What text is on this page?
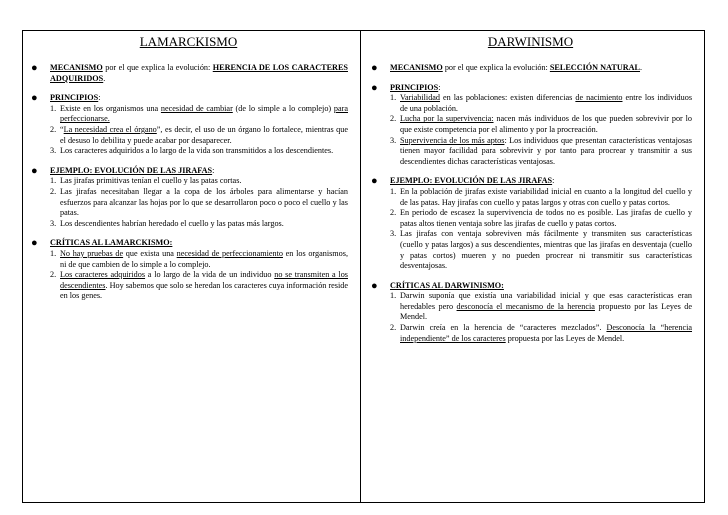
LAMARCKISMO
● MECANISMO por el que explica la evolución: HERENCIA DE LOS CARACTERES ADQUIRIDOS.
● PRINCIPIOS:
1. Existe en los organismos una necesidad de cambiar (de lo simple a lo complejo) para perfeccionarse.
2. “La necesidad crea el órgano”, es decir, el uso de un órgano lo fortalece, mientras que el desuso lo debilita y puede acabar por desaparecer.
3. Los caracteres adquiridos a lo largo de la vida son transmitidos a los descendientes.
● EJEMPLO: EVOLUCIÓN DE LAS JIRAFAS:
1. Las jirafas primitivas tenían el cuello y las patas cortas.
2. Las jirafas necesitaban llegar a la copa de los árboles para alimentarse y hacían esfuerzos para alcanzar las hojas por lo que se desarrollaron poco o poco el cuello y las patas.
3. Los descendientes habrían heredado el cuello y las patas más largos.
● CRÍTICAS AL LAMARCKISMO:
1. No hay pruebas de que exista una necesidad de perfeccionamiento en los organismos, ni de que cambien de lo simple a lo complejo.
2. Los caracteres adquiridos a lo largo de la vida de un individuo no se transmiten a los descendientes. Hoy sabemos que solo se heredan los caracteres cuya información reside en los genes.
DARWINISMO
● MECANISMO por el que explica la evolución: SELECCIÓN NATURAL.
● PRINCIPIOS:
1. Variabilidad en las poblaciones: existen diferencias de nacimiento entre los individuos de una población.
2. Lucha por la supervivencia: nacen más individuos de los que pueden sobrevivir por lo que existe competencia por el alimento y por la procreación.
3. Supervivencia de los más aptos: Los individuos que presentan características ventajosas tienen mayor facilidad para sobrevivir y por tanto para procrear y transmitir a sus descendientes dichas características ventajosas.
● EJEMPLO: EVOLUCIÓN DE LAS JIRAFAS:
1. En la población de jirafas existe variabilidad inicial en cuanto a la longitud del cuello y de las patas. Hay jirafas con cuello y patas largos y otras con cuello y patas cortos.
2. En periodo de escasez la supervivencia de todos no es posible. Las jirafas de cuello y patas altos tienen ventaja sobre las jirafas de cuello y patas cortos.
3. Las jirafas con ventaja sobreviven más fácilmente y transmiten sus características (cuello y patas largos) a sus descendientes, mientras que las jirafas en desventaja (cuello y patas cortos) mueren y no pueden procrear ni transmitir sus características desventajosas.
● CRÍTICAS AL DARWINISMO:
1. Darwin suponía que existía una variabilidad inicial y que esas características eran heredables pero desconocía el mecanismo de la herencia propuesto por las Leyes de Mendel.
2. Darwin creía en la herencia de “caracteres mezclados”. Desconocía la “herencia independiente” de los caracteres propuesta por las Leyes de Mendel.
